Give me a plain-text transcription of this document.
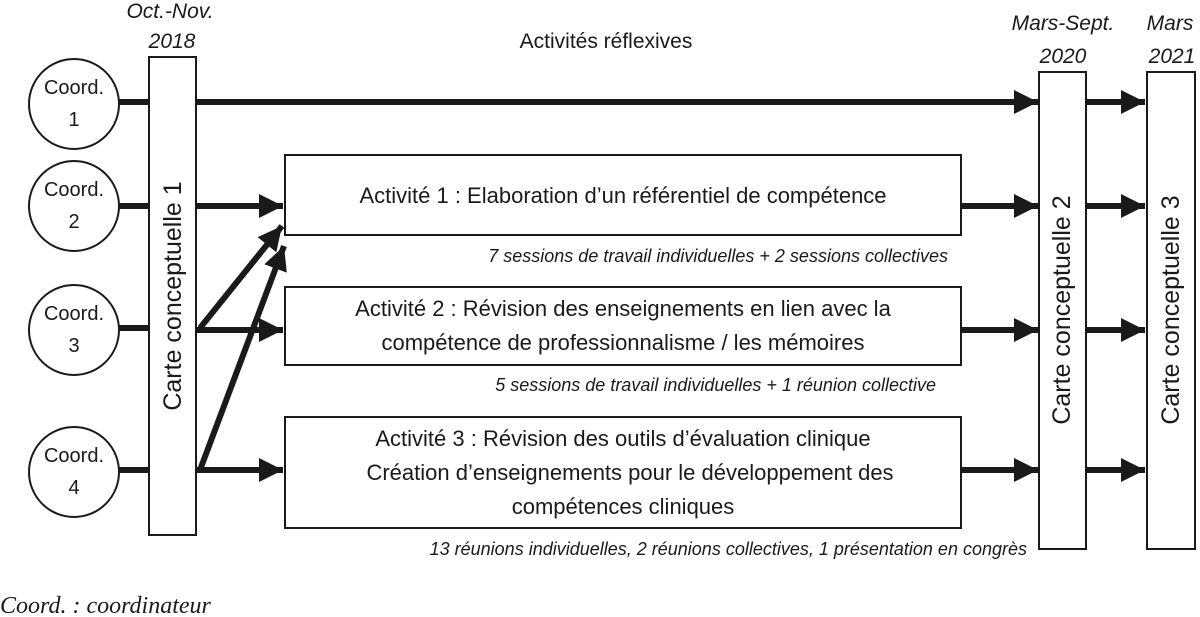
Oct.-Nov.
2018	Activités réflexives
Mars-Sept.
2020
Mars
2021
Coord.
1
Coord.
2
Coord.
3
Coord.
4
Carte conceptuelle 1	Carte conceptuelle 2	Carte conceptuelle 3
Activité 1 : Elaboration d’un référentiel de compétence
7 sessions de travail individuelles + 2 sessions collectives
Activité 2 : Révision des enseignements en lien avec la
compétence de professionnalisme / les mémoires
5 sessions de travail individuelles + 1 réunion collective
Activité 3 : Révision des outils d’évaluation clinique
Création d’enseignements pour le développement des
compétences cliniques
13 réunions individuelles, 2 réunions collectives, 1 présentation en congrès
Coord. : coordinateur
